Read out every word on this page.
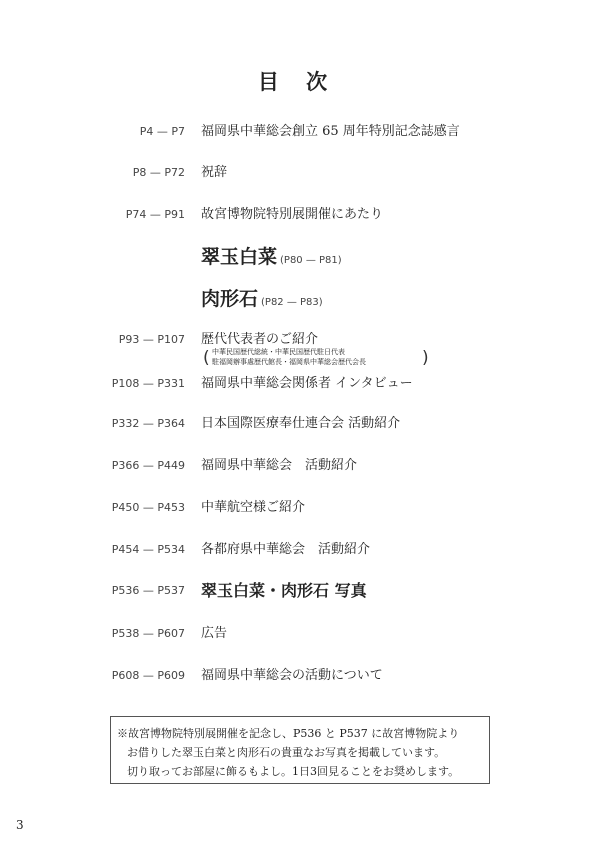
目 次
P4 — P7 福岡県中華総会創立 65 周年特別記念誌感言
P8 — P72 祝辞
P74 — P91 故宮博物院特別展開催にあたり
翠玉白菜 (P80 — P81)
肉形石 (P82 — P83)
P93 — P107 歴代代表者のご紹介
( 中華民国歴代総統・中華民国歴代駐日代表
駐福岡辦事處歴代館長・福岡県中華総会歴代会長	)
P108 — P331 福岡県中華総会関係者 インタビュー
P332 — P364 日本国際医療奉仕連合会 活動紹介
P366 — P449 福岡県中華総会　活動紹介
P450 — P453 中華航空様ご紹介
P454 — P534 各都府県中華総会　活動紹介
P536 — P537 翠玉白菜・肉形石 写真
P538 — P607 広告
P608 — P609 福岡県中華総会の活動について
※故宮博物院特別展開催を記念し、P536 と P537 に故宮博物院より
お借りした翠玉白菜と肉形石の貴重なお写真を掲載しています。
切り取ってお部屋に飾るもよし。1日3回見ることをお奨めします。
3
